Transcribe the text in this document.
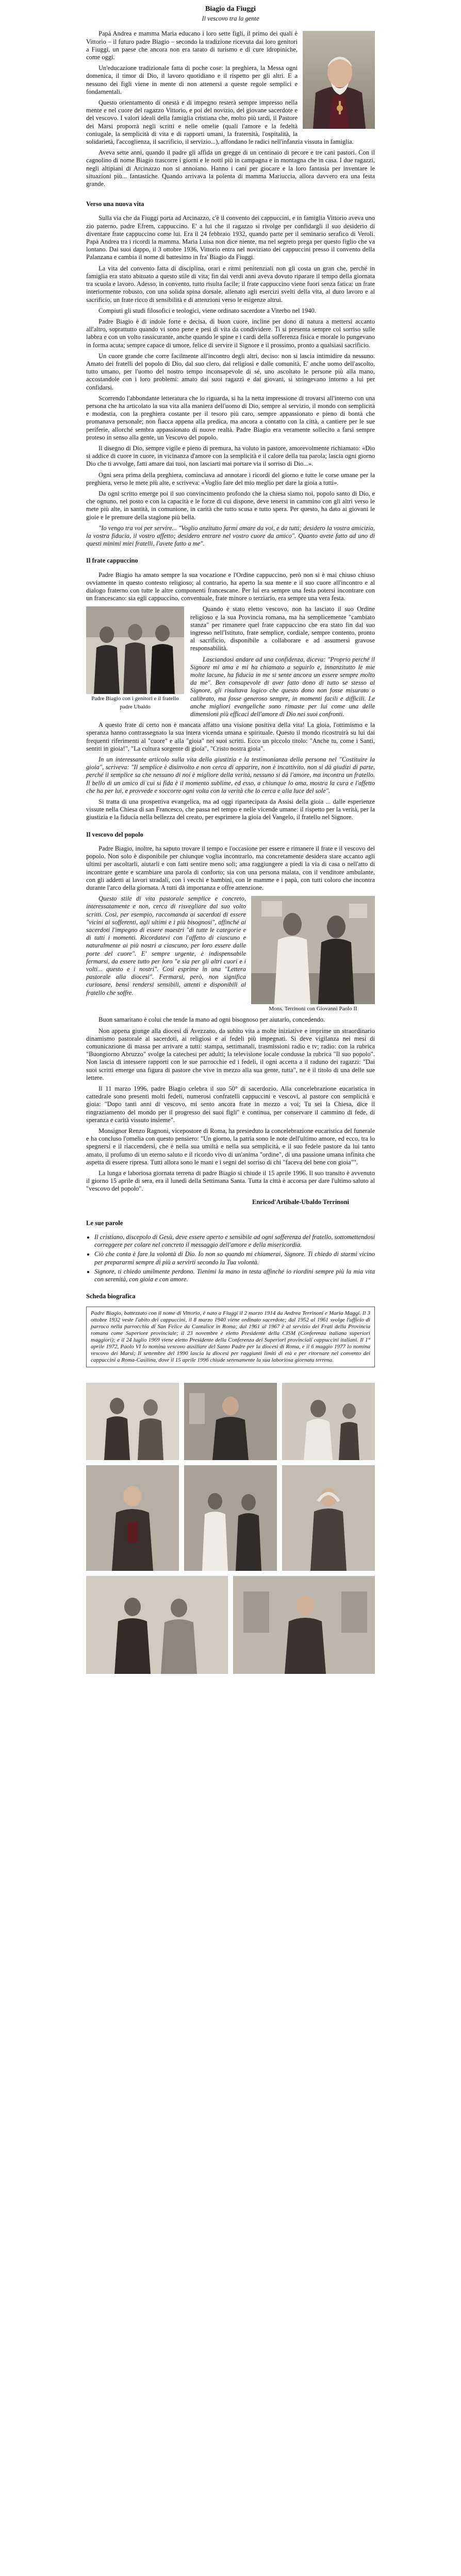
Biagio da Fiuggi
Il vescovo tra la gente

Papà Andrea e mamma Maria educano i loro sette figli, il primo dei quali è Vittorio – il futuro padre Biagio – secondo la tradizione ricevuta dai loro genitori a Fiuggi, un paese che ancora non era tarato di turismo e di cure idropiniche, come oggi.

Un'educazione tradizionale fatta di poche cose: la preghiera, la Messa ogni domenica, il timor di Dio, il lavoro quotidiano e il rispetto per gli altri. E a nessuno dei figli viene in mente di non attenersi a queste regole semplici e fondamentali.

Questo orientamento di onestà e di impegno resterà sempre impresso nella mente e nel cuore del ragazzo Vittorio, e poi del novizio, del giovane sacerdote e del vescovo. I valori ideali della famiglia cristiana che, molto più tardi, il Pastore dei Marsi proporrà negli scritti e nelle omelie (quali l'amore e la fedeltà coniugale, la semplicità di vita e di rapporti umani, la fraternità, l'ospitalità, la solidarietà, l'accoglienza, il sacrificio, il servizio...), affondano le radici nell'infanzia vissuta in famiglia.

Aveva sette anni, quando il padre gli affida un gregge di un centinaio di pecore e tre cani pastori. Con il cagnolino di nome Biagio trascorre i giorni e le notti più in campagna e in montagna che in casa. I due ragazzi, negli altipiani di Arcinazzo non si annoiano. Hanno i cani per giocare e la loro fantasia per inventare le situazioni più... fantastiche. Quando arrivava la polenta di mamma Mariuccia, allora davvero era una festa grande.

Verso una nuova vita

Sulla via che da Fiuggi porta ad Arcinazzo, c'è il convento dei cappuccini, e in famiglia Vittorio aveva uno zio paterno, padre Efrem, cappuccino. E' a lui che il ragazzo si rivolge per confidargli il suo desiderio di diventare frate cappuccino come lui. Era il 24 febbraio 1932, quando parte per il seminario serafico di Veroli. Papà Andrea tra i ricordi la mamma. Maria Luisa non dice niente, ma nel segreto prega per questo figlio che va lontano. Dai suoi dappo, il 3 ottobre 1936, Vittorio entra nel noviziato dei cappuccini presso il convento della Palanzana e cambia il nome di battesimo in fra' Biagio da Fiuggi.

La vita del convento fatta di disciplina, orari e ritmi penitenziali non gli costa un gran che, perché in famiglia era stato abituato a questo stile di vita; fin dai verdi anni aveva dovuto riparare il tempo della giornata tra scuola e lavoro. Adesso, in convento, tutto risulta facile; il frate cappuccino viene fuori senza fatica: un frate interiormente robusto, con una solida spina dorsale, allenato agli esercizi svelti della vita, al duro lavoro e al sacrificio, un frate ricco di sensibilità e di attenzioni verso le esigenze altrui.

Compiuti gli studi filosofici e teologici, viene ordinato sacerdote a Viterbo nel 1940.

Padre Biagio è di indole forte e decisa, di buon cuore, incline per dono di natura a mettersi accanto all'altro, soprattutto quando vi sono pene e pesi di vita da condividere. Ti si presenta sempre col sorriso sulle labbra e con un volto rassicurante, anche quando le spine e i cardi della sofferenza fisica e morale lo pungevano in forma acuta; sempre capace di umore, felice di servire il Signore e il prossimo, pronto a qualsiasi sacrificio.

Un cuore grande che corre facilmente all'incontro degli altri, deciso: non si lascia intimidire da nessuno. Amato dei fratelli del popolo di Dio, dal suo clero, dai religiosi e dalle comunità, E' anche uomo dell'ascolto, tutto umano, per l'uomo del nostro tempo inconsapevole di sé, uno ascoltato le persone più alla mano, accostandole con i loro problemi: amato dai suoi ragazzi e dai giovani, si stringevano intorno a lui per confidarsi.

Scorrendo l'abbondante letteratura che lo riguarda, si ha la netta impressione di trovarsi all'interno con una persona che ha articolato la sua vita alla maniera dell'uomo di Dio, sempre al servizio, il mondo con semplicità e modestia, con la preghiera costante per il tesoro più caro, sempre appassionato e pieno di bontà che promanava personale; non fiacca appena alla predica, ma ancora a contatto con la città, a cantiere per le sue periferie, allorché sembra appassionato di nuove realtà. Padre Biagio era veramente sollecito a farsi sempre proteso in senso alla gente, un Vescovo del popolo.

Il disegno di Dio, sempre vigile e pieno di premura, ha voluto in pastore, amorevolmente richiamato: «Dio si addice di cuore in cuore, in vicinanza d'amore con la semplicità e il calore della tua parola; lascia ogni giorno Dio che ti avvolge, fatti amare dai tuoi, non lasciarti mai portare via il sorriso di Dio...».

Ogni sera prima della preghiera, cominciava ad annotare i ricordi del giorno e tutte le corse umane per la preghiera, verso le mete più alte, e scriveva: «Voglio fare del mio meglio per dare la gioia a tutti».

Da ogni scritto emerge poi il suo convincimento profondo che la chiesa siamo noi, popolo santo di Dio, e che ognuno, nel posto e con la capacità e le forze di cui dispone, deve tenersi in cammino con gli altri verso le mete più alte, in santità, in comunione, in carità che tutto scusa e tutto spera. Per questo, ha dato ai giovani le gioie e le premure della stagione più bella.

"Io vengo tra voi per servire... "Voglio anzitutto farmi amare da voi, e da tutti; desidero la vostra amicizia, la vostra fiducia, il vostro affetto; desidero entrare nel vostro cuore da amico". Quanto avete fatto ad uno di questi minimi miei fratelli, l'avete fatto a me".

Il frate cappuccino

Padre Biagio ha amato sempre la sua vocazione e l'Ordine cappuccino, però non si è mai chiuso chiuso ovviamente in questo contesto religioso; al contrario, ha aperto la sua mente e il suo cuore all'incontro e al dialogo fraterno con tutte le altre componenti francescane. Per lui era sempre una festa potersi incontrare con un francescano: sia egli cappuccino, conventuale, frate minore o terziario, era sempre una vera festa.

Padre Biagio con i genitori e il fratello padre Ubaldo

Quando è stato eletto vescovo, non ha lasciato il suo Ordine religioso e la sua Provincia romana, ma ha semplicemente "cambiato stanza" per rimanere quel frate cappuccino che era stato fin dal suo ingresso nell'Istituto, frate semplice, cordiale, sempre contento, pronto al sacrificio, disponibile a collaborare e ad assumersi gravose responsabilità.

Lasciandosi andare ad una confidenza, diceva: "Proprio perché il Signore mi ama e mi ha chiamato a seguirlo e, innanzitutto le mie molte lacune, ha fiducia in me si sente ancora un essere sempre molto da me". Ben consapevole di aver fatto dono di tutto se stesso al Signore, gli risultava logico che questo dono non fosse misurato o calibrato, ma fosse generoso sempre, in momenti facili e difficili. Le anche migliori evangeliche sono rimaste per lui come una delle dimensioni più efficaci dell'amore di Dio nei suoi confronti.

A questo frate di certo non è mancata affatto una visione positiva della vita! La gioia, l'ottimismo e la speranza hanno contrassegnato la sua intera vicenda umana e spirituale. Questo il mondo ricostruirà su lui dai frequenti riferimenti al "cuore" e alla "gioia" nei suoi scritti. Ecco un piccolo titolo: "Anche tu, come i Santi, sentiti in gioia!", "La cultura sorgente di gioia", "Cristo nostra gioia".

In un interessante articolo sulla vita della giustizia e la testimonianza della persona nel "Costituire la gioia", scriveva: "Il semplice è disinvolto e non cerca di apparire, non è incattivito, non si dà giudizi di parte, perché il semplice sa che nessuno di noi è migliore della verità, nessuno si dà l'amore, ma incontra un fratello. Il bello di un amico di cui si fida è il momento sublime, ed esso, a chiunque lo ama, mostra la cura e l'affetto che ha per lui, e provvede e soccorre ogni volta con la verità che lo cerca e alla luce del sole".

Si tratta di una prospettiva evangelica, ma ad oggi ripartecipata da Assisi della gioia ... dalle esperienze vissute nella Chiesa di san Francesco, che passa nel tempo e nelle vicende umane: il rispetto per la verità, per la giustizia e la fiducia nella bellezza del creato, per esprimere la gioia del Vangelo, il fratello nel Signore.

Il vescovo del popolo

Padre Biagio, inoltre, ha saputo trovare il tempo e l'occasione per essere e rimanere il frate e il vescovo del popolo. Non solo è disponibile per chiunque voglia incontrarlo, ma concretamente desidera stare accanto agli ultimi per ascoltarli, aiutarli e con fatti sentire meno soli; ama raggiungere a piedi la via di casa o nell'atto di incontrare gente e scambiare una parola di conforto; sia con una persona malata, con il venditore ambulante, con gli addetti ai lavori stradali, con i vecchi e bambini, con le mamme e i papà, con tutti coloro che incontra durante l'arco della giornata. A tutti dà importanza e offre attenzione.

Mons. Terrinoni con Giovanni Paolo II

Questo stile di vita pastorale semplice e concreto, interessatamente e non, cerca di risvegliare dal suo volto scritti. Così, per esempio, raccomanda ai sacerdoti di essere "vicini ai sofferenti, agli ultimi e i più bisognosi", affinché ai sacerdoti l'impegno di essere maestri "di tutte le categorie e di tutti i momenti. Ricordatevi con l'affetto di ciascuno e naturalmente ai più nostri a ciascuno, per loro essere dalle porte del cuore". E' sempre urgente, è indispensabile fermarsi, da essere tutto per loro "e sia per gli altri cuori e i volti... questo e i nostri". Così esprime in una "Lettera pastorale alla diocesi". Fermarsi, però, non significa curiosare, bensì rendersi sensibili, attenti e disponibili al fratello che soffre.

Buon samaritano è colui che tende la mano ad ogni bisognoso per aiutarlo, concedendo.

Non appena giunge alla diocesi di Avezzano, da subito vita a molte iniziative e imprime un straordinario dinamismo pastorale al sacerdoti, ai religiosi e ai fedeli più impegnati. Si deve vigilanza nei mesi di comunicazione di massa per arrivare a tutti: stampa, settimanali, trasmissioni radio e tv; radio: con la rubrica "Buongiorno Abruzzo" svolge la catechesi per adulti; la televisione locale condusse la rubrica "Il suo popolo". Non lascia di intessere rapporti con le sue parrocchie ed i fedeli, il ogni accetta a il raduno dei ragazzi: "Dai suoi scritti emerge una figura di pastore che vive in mezzo alla sua gente, tutta", ne è il titolo di una delle sue lettere.

Il 11 marzo 1996, padre Biagio celebra il suo 50° di sacerdozio. Alla concelebrazione eucaristica in cattedrale sono presenti molti fedeli, numerosi confratelli cappuccini e vescovi, al pastore con semplicità e gioia: "Dopo tanti anni di vescovo, mi sento ancora frate in mezzo a voi; Tu sei la Chiesa, dice il ringraziamento del mondo per il progresso dei suoi figli" e continua, per conservare il cammino di fede, di speranza e carità vissuto insieme".

Monsignor Renzo Ragnoni, vicepostore di Roma, ha presieduto la concelebrazione eucaristica del funerale e ha concluso l'omelia con questo pensiero: "Un giorno, la patria sono le note dell'ultimo amore, ed ecco, tra lo spegnersi e il riaccendersi, che è nella sua umiltà e nella sua semplicità, e il suo fedele pastore da lui tanto amato, il profumo di un eterno saluto e il ricordo vivo di un'anima "ordine", di una passione umana infinita che aspetta di essere ripresa. Tutti allora sono le mani e i segni del sorriso di chi "faceva del bene con gioia"".

La lunga e laboriosa giornata terrena di padre Biagio si chiude il 15 aprile 1996. Il suo transito è avvenuto il giorno 15 aprile di sera, era il lunedì della Settimana Santa. Tutta la città è accorsa per dare l'ultimo saluto al "vescovo del popolo".

Enricod'Artibale-Ubaldo Terrinoni
Le sue parole
• Il cristiano, discepolo di Gesù, deve essere aperto e sensibile ad ogni sofferenza del fratello, sottomettendosi correggere per colare nel concreto il messaggio dell'amore e della misericordia.
• Ciò che conta è fare la volontà di Dio. Io non so quando mi chiamerai, Signore. Ti chiedo di starmi vicino per prepararmi sempre di più a servirti secondo la Tua volontà.
• Signore, ti chiedo umilmente perdono. Tienimi la mano in testa affinché io riordini sempre più la mia vita con serenità, con gioia e con amore.
Scheda biografica
Padre Biagio, battezzato con il nome di Vittorio, è nato a Fiuggi il 2 marzo 1914 da Andrea Terrinoni e Maria Maggi. Il 3 ottobre 1932 veste l'abito dei cappuccini, il 8 marzo 1940 viene ordinato sacerdote; dal 1952 al 1961 svolge l'ufficio di parroco nella parrocchia di San Felice da Cantalice in Roma; dal 1961 al 1967 è al servizio dei Frati della Provincia romana come Superiore provinciale; il 23 novembre è eletto Presidente della CISM (Conferenza italiana superiori maggiori); e il 24 luglio 1969 viene eletto Presidente della Conferenza dei Superiori provinciali cappuccini italiani. Il 1° aprile 1972, Paolo VI lo nomina vescovo ausiliare del Santo Padre per la diocesi di Roma, e il 6 maggio 1977 lo nomina vescovo dei Marsi; Il settembre del 1990 lascia la diocesi per raggiunti limiti di età e per ritornare nel convento dei cappuccini a Roma-Casilina, dove il 15 aprile 1996 chiude serenamente la sua laboriosa giornata terrena.
